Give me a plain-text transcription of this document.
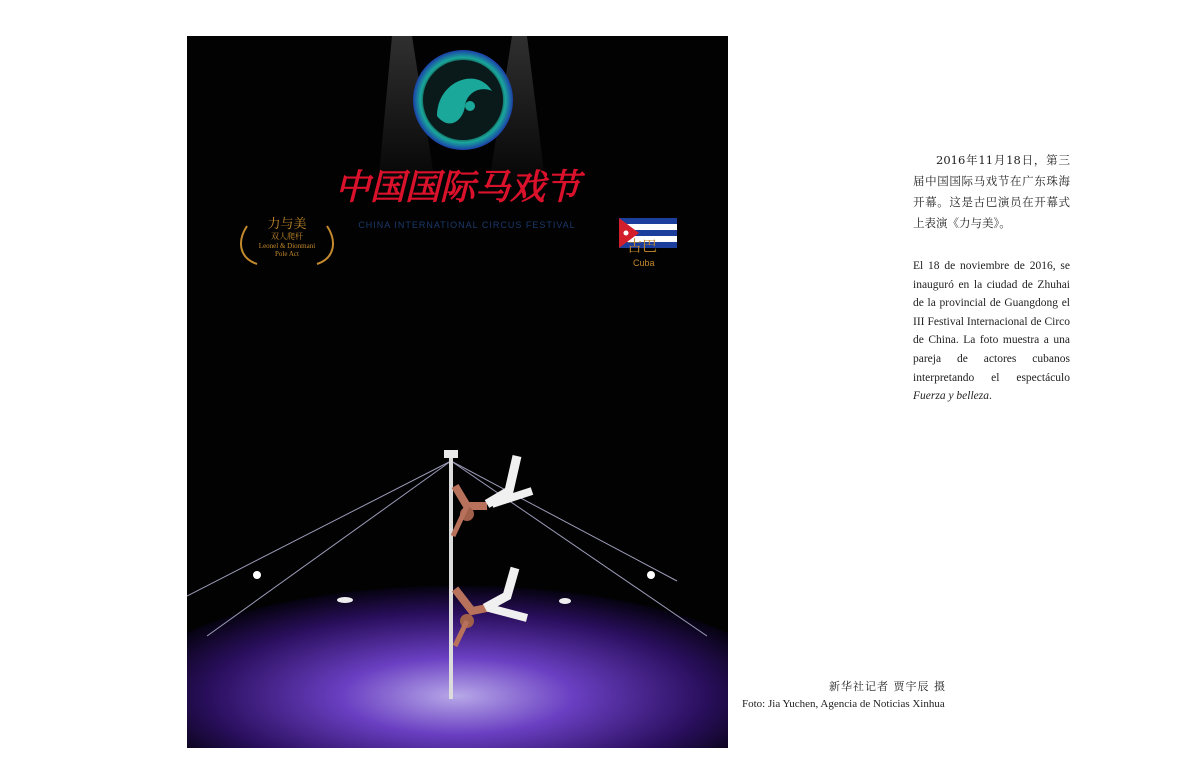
中国国际马戏节
CHINA INTERNATIONAL CIRCUS FESTIVAL
力与美
双人爬杆
Leonel & Dionmani
Pole Act	古巴
Cuba
2016年11月18日，第三届中国国际马戏节在广东珠海开幕。这是古巴演员在开幕式上表演《力与美》。
El 18 de noviembre de 2016, se inauguró en la ciudad de Zhuhai de la provincial de Guangdong el III Festival Internacional de Circo de China. La foto muestra a una pareja de actores cubanos interpretando el espectáculo Fuerza y belleza.
新华社记者 贾宇辰 摄
Foto: Jia Yuchen, Agencia de Noticias Xinhua
